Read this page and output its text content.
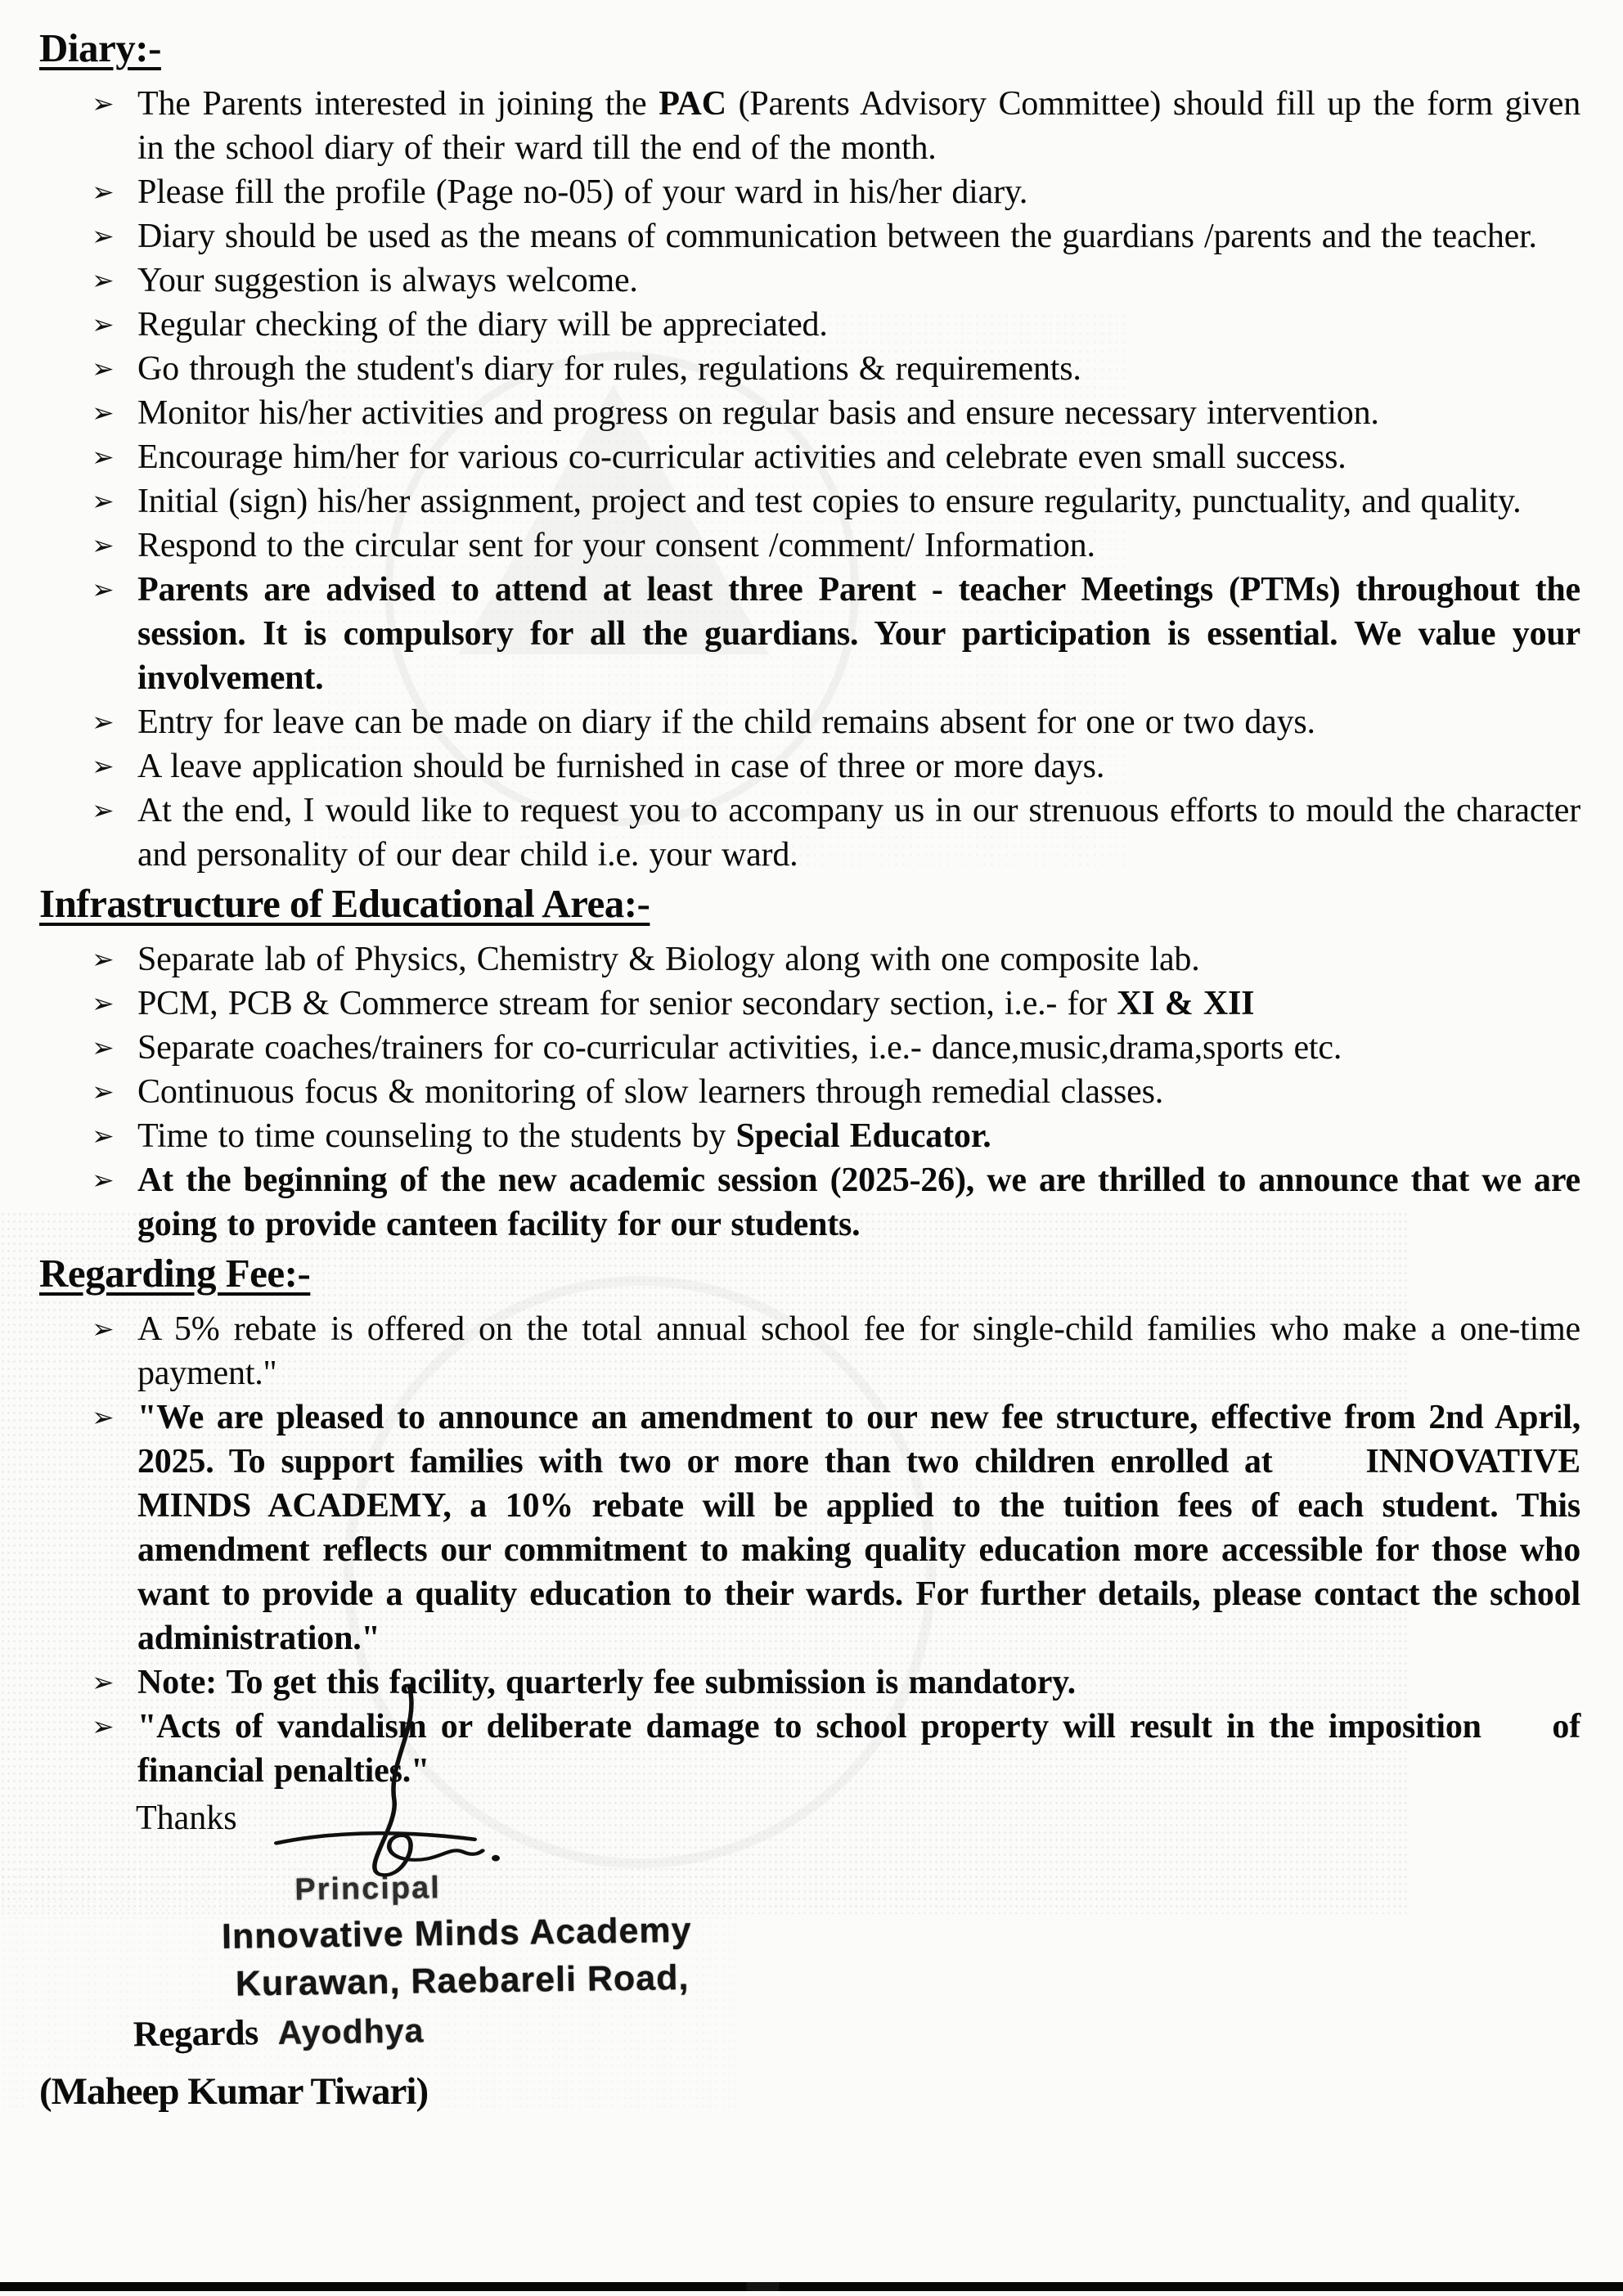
Diary:-
➢ The Parents interested in joining the PAC (Parents Advisory Committee) should fill up the form given in the school diary of their ward till the end of the month.
➢ Please fill the profile (Page no-05) of your ward in his/her diary.
➢ Diary should be used as the means of communication between the guardians /parents and the teacher.
➢ Your suggestion is always welcome.
➢ Regular checking of the diary will be appreciated.
➢ Go through the student's diary for rules, regulations & requirements.
➢ Monitor his/her activities and progress on regular basis and ensure necessary intervention.
➢ Encourage him/her for various co-curricular activities and celebrate even small success.
➢ Initial (sign) his/her assignment, project and test copies to ensure regularity, punctuality, and quality.
➢ Respond to the circular sent for your consent /comment/ Information.
➢ Parents are advised to attend at least three Parent - teacher Meetings (PTMs) throughout the session. It is compulsory for all the guardians. Your participation is essential. We value your involvement.
➢ Entry for leave can be made on diary if the child remains absent for one or two days.
➢ A leave application should be furnished in case of three or more days.
➢ At the end, I would like to request you to accompany us in our strenuous efforts to mould the character and personality of our dear child i.e. your ward.
Infrastructure of Educational Area:-
➢ Separate lab of Physics, Chemistry & Biology along with one composite lab.
➢ PCM, PCB & Commerce stream for senior secondary section, i.e.- for XI & XII
➢ Separate coaches/trainers for co-curricular activities, i.e.- dance,music,drama,sports etc.
➢ Continuous focus & monitoring of slow learners through remedial classes.
➢ Time to time counseling to the students by Special Educator.
➢ At the beginning of the new academic session (2025-26), we are thrilled to announce that we are going to provide canteen facility for our students.
Regarding Fee:-
➢ A 5% rebate is offered on the total annual school fee for single-child families who make a one-time payment."
➢ "We are pleased to announce an amendment to our new fee structure, effective from 2nd April, 2025. To support families with two or more than two children enrolled at      INNOVATIVE MINDS ACADEMY, a 10% rebate will be applied to the tuition fees of each student. This amendment reflects our commitment to making quality education more accessible for those who want to provide a quality education to their wards. For further details, please contact the school administration."
➢ Note: To get this facility, quarterly fee submission is mandatory.
➢ "Acts of vandalism or deliberate damage to school property will result in the imposition     of financial penalties."
Thanks
Principal
Innovative Minds Academy
Kurawan, Raebareli Road,
Regards Ayodhya
(Maheep Kumar Tiwari)
